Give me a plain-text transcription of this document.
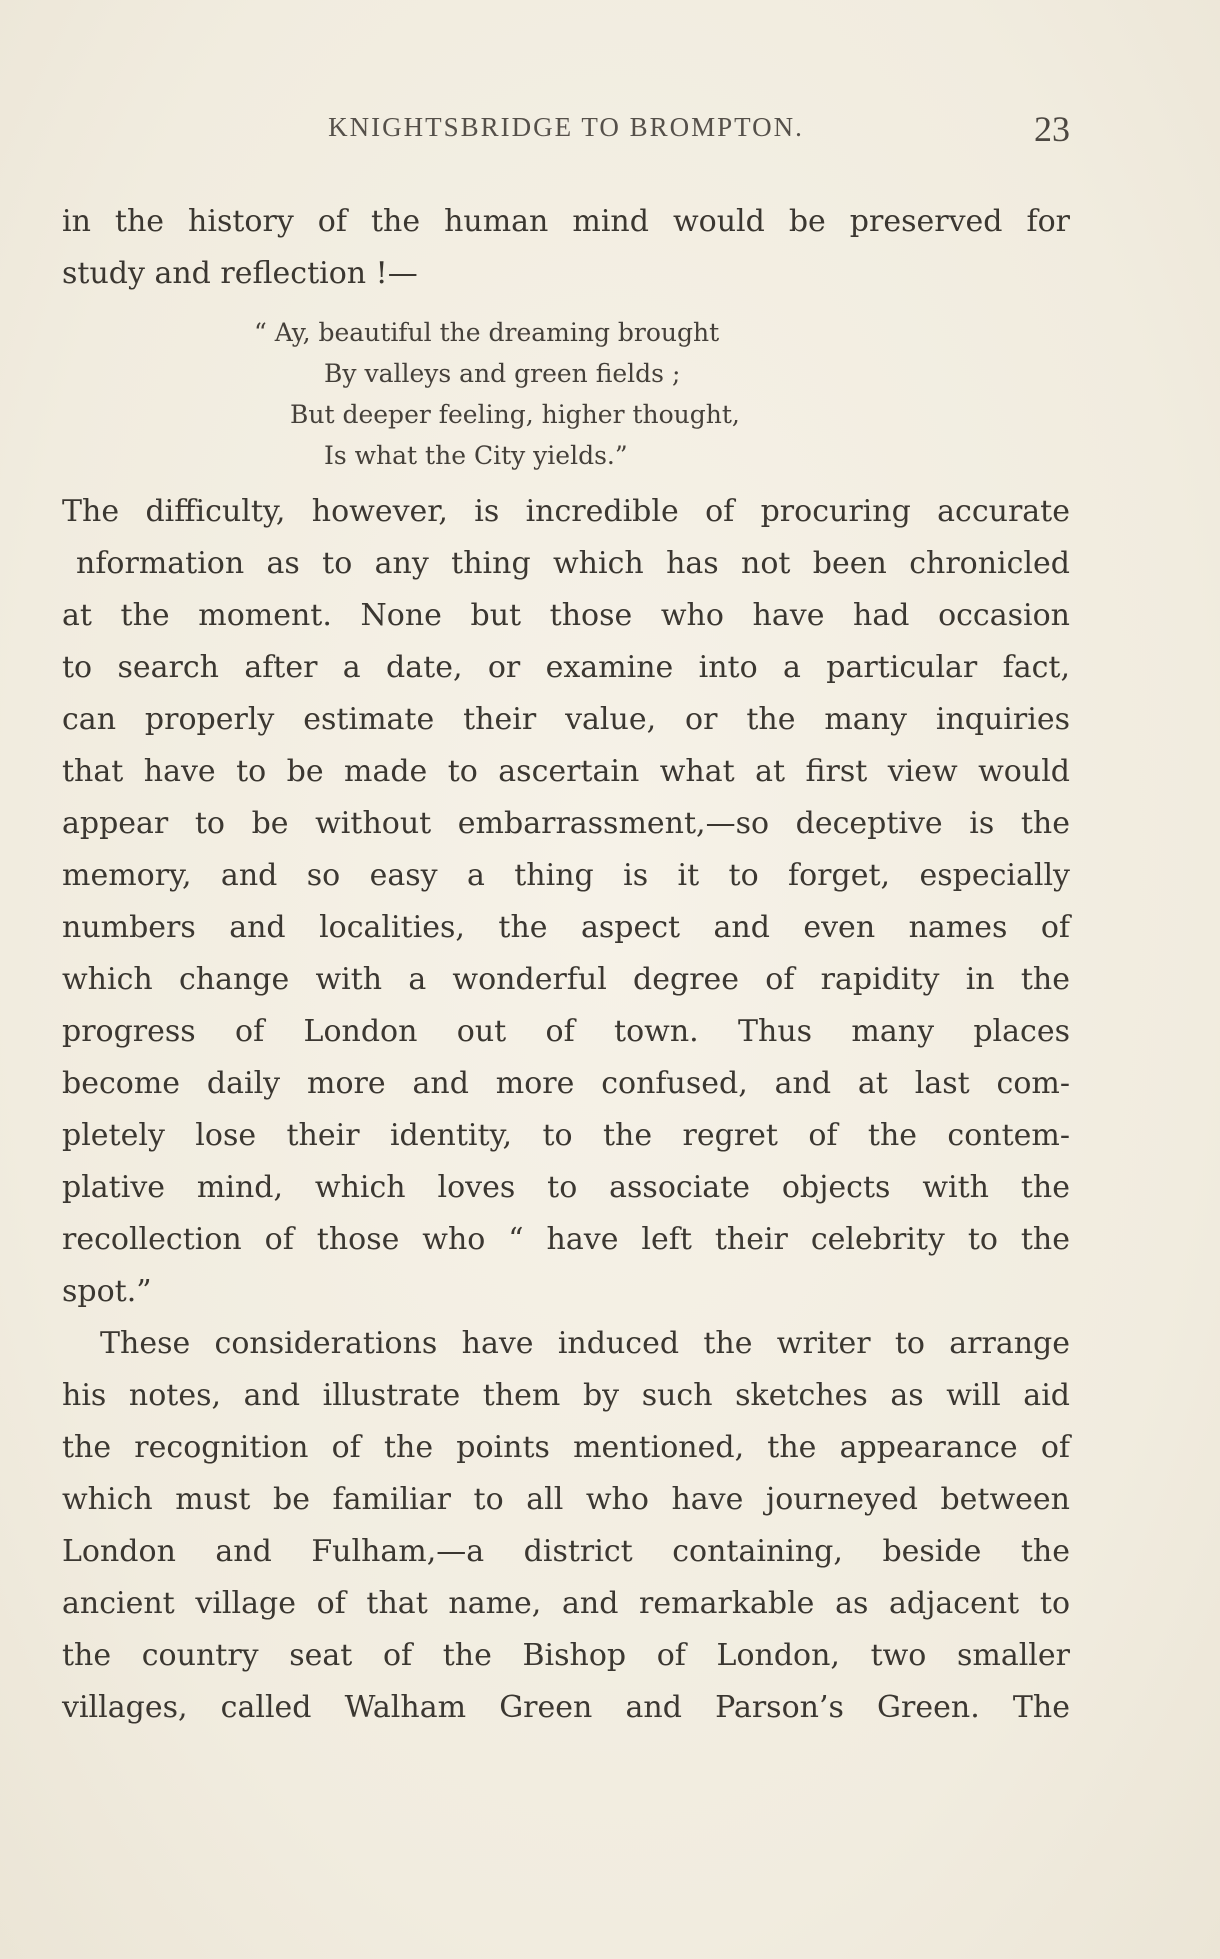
KNIGHTSBRIDGE TO BROMPTON.	23
in the history of the human mind would be preserved for
study and reflection !—
“ Ay, beautiful the dreaming brought
By valleys and green fields ;
But deeper feeling, higher thought,
Is what the City yields.”
The difficulty, however, is incredible of procuring accurate
nformation as to any thing which has not been chronicled
at the moment. None but those who have had occasion
to search after a date, or examine into a particular fact,
can properly estimate their value, or the many inquiries
that have to be made to ascertain what at first view would
appear to be without embarrassment,—so deceptive is the
memory, and so easy a thing is it to forget, especially
numbers and localities, the aspect and even names of
which change with a wonderful degree of rapidity in the
progress of London out of town. Thus many places
become daily more and more confused, and at last com-
pletely lose their identity, to the regret of the contem-
plative mind, which loves to associate objects with the
recollection of those who “ have left their celebrity to the
spot.”
These considerations have induced the writer to arrange
his notes, and illustrate them by such sketches as will aid
the recognition of the points mentioned, the appearance of
which must be familiar to all who have journeyed between
London and Fulham,—a district containing, beside the
ancient village of that name, and remarkable as adjacent to
the country seat of the Bishop of London, two smaller
villages, called Walham Green and Parson’s Green. The
